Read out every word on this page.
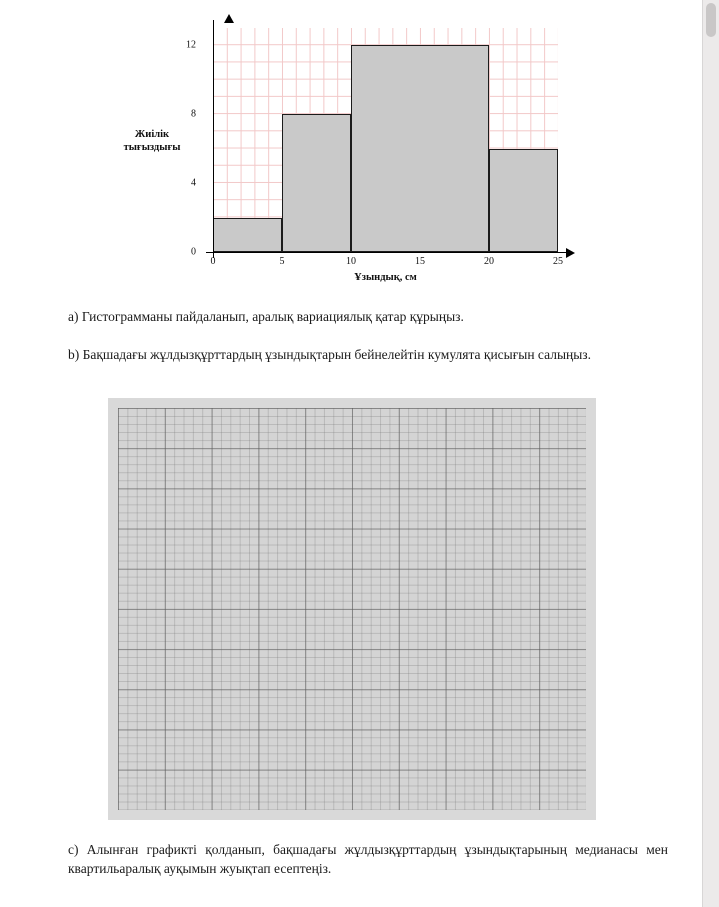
Жиілік
тығыздығы
0	5	10	15	20	25
0
4
8
12
Ұзындық, см
a) Гистограмманы пайдаланып, аралық вариациялық қатар құрыңыз.
b) Бақшадағы жұлдызқұрттардың ұзындықтарын бейнелейтін кумулята қисығын салыңыз.
c) Алынған графикті қолданып, бақшадағы жұлдызқұрттардың ұзындықтарының медианасы мен квартильаралық ауқымын жуықтап есептеңіз.
